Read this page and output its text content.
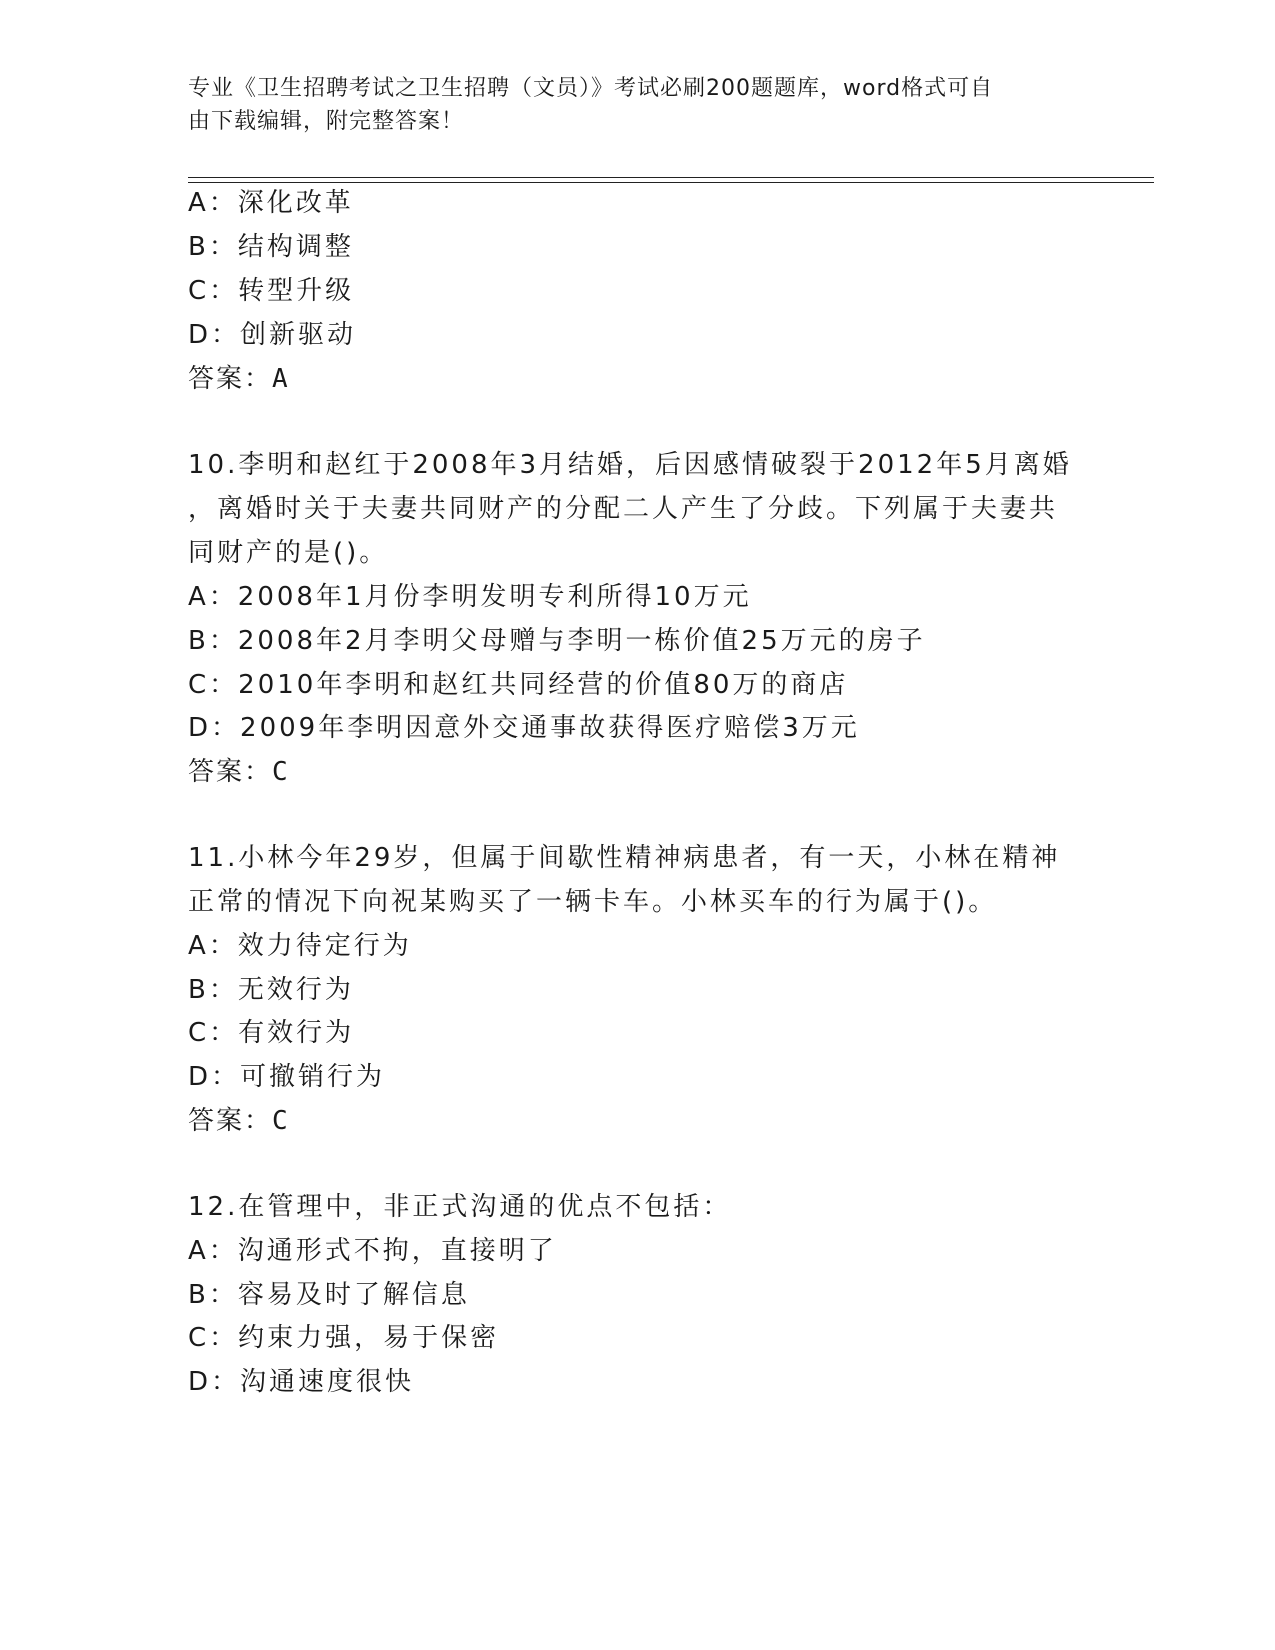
专业《卫生招聘考试之卫生招聘（文员）》考试必刷200题题库，word格式可自
由下载编辑，附完整答案！
A：深化改革
B：结构调整
C：转型升级
D：创新驱动
答案：A
10.李明和赵红于2008年3月结婚，后因感情破裂于2012年5月离婚
，离婚时关于夫妻共同财产的分配二人产生了分歧。下列属于夫妻共
同财产的是()。
A：2008年1月份李明发明专利所得10万元
B：2008年2月李明父母赠与李明一栋价值25万元的房子
C：2010年李明和赵红共同经营的价值80万的商店
D：2009年李明因意外交通事故获得医疗赔偿3万元
答案：C
11.小林今年29岁，但属于间歇性精神病患者，有一天，小林在精神
正常的情况下向祝某购买了一辆卡车。小林买车的行为属于()。
A：效力待定行为
B：无效行为
C：有效行为
D：可撤销行为
答案：C
12.在管理中，非正式沟通的优点不包括：
A：沟通形式不拘，直接明了
B：容易及时了解信息
C：约束力强，易于保密
D：沟通速度很快
